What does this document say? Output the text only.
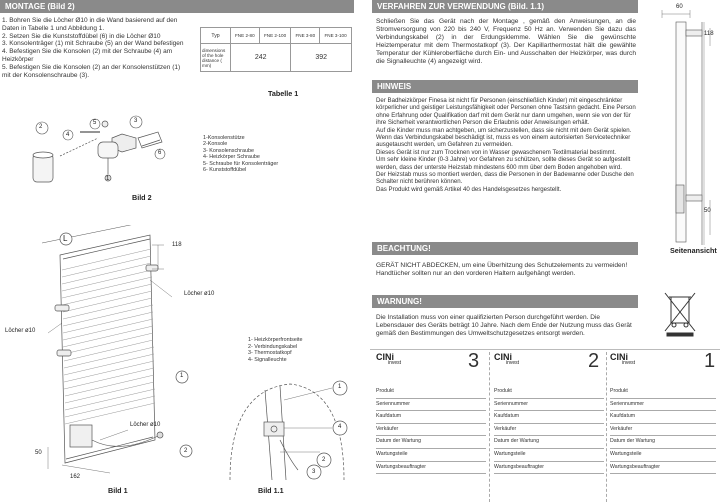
MONTAGE (Bild 2)
1. Bohren Sie die Löcher Ø10 in die Wand basierend auf den Daten in Tabelle 1 und Abbildung 1.
2. Setzen Sie die Kunststoffdübel (6) in die Löcher Ø10
3. Konsolenträger (1) mit Schraube (5) an der Wand befestigen
4. Befestigen Sie die Konsolen (2) mit der Schraube (4) am Heizkörper
5. Befestigen Sie die Konsolen (2) an der Konsolenstützen (1) mit der Konsolenschraube (3).
Typ	FNE 2-80	FNE 2-100	FNE 3-80	FNE 3-100
dimensions of the hole distance ( mm)	242		392	
Tabelle 1
2
4
5	3
1
6
Bild 2
1-Konsolenstütze
2-Konsole
3- Konsolenschraube
4- Heizkörper Schraube
5- Schraube für Konsolenträger
6- Kunststoffdübel
L
118
Löcher ø10
Löcher ø10
Löcher ø10
50
162
1
2
Bild 1
1- Heizkörperfrontseite
2- Verbindungskabel
3- Thermostatkopf
4- Signalleuchte
1
2
3
4
Bild 1.1
VERFAHREN ZUR VERWENDUNG (Bild. 1.1)
Schließen Sie das Gerät nach der Montage , gemäß den Anweisungen, an die Stromversorgung von 220 bis 240 V, Frequenz 50 Hz an. Verwenden Sie dazu das Verbindungskabel (2) in der Erdungsklemme. Wählen Sie die gewünschte Heiztemperatur mit dem Thermostatkopf (3). Der Kapillarthermostat hält die gewählte Temperatur der Kühleroberfläche durch Ein- und Ausschalten der Heizkörper, was durch die Signalleuchte (4) angezeigt wird.
HINWEIS
Der Badheizkörper Finesa ist nicht für Personen (einschließlich Kinder) mit eingeschränkter körperlicher und geistiger Leistungsfähigkeit oder Personen ohne Tastsinn gedacht. Eine Person ohne Erfahrung oder Qualifikation darf mit dem Gerät nur dann umgehen, wenn sie von der für ihre Sicherheit verantwortlichen Person die Erlaubnis oder Anweisungen erhält.
Auf die Kinder muss man achtgeben, um sicherzustellen, dass sie nicht mit dem Gerät spielen.
Wenn das Verbindungskabel beschädigt ist, muss es von einem autorisierten Servicetechniker ausgetauscht werden, um Gefahren zu vermeiden.
Dieses Gerät ist nur zum Trocknen von in Wasser gewaschenem Textilmaterial bestimmt.
Um sehr kleine Kinder (0-3 Jahre) vor Gefahren zu schützen, sollte dieses Gerät so aufgestellt werden, dass der unterste Heizstab mindestens 600 mm über dem Boden angehoben wird.
Der Heizstab muss so montiert werden, dass die Personen in der Badewanne oder Dusche den Schalter nicht berühren können.
Das Produkt wird gemäß Artikel 40 des Handelsgesetzes hergestellt.
BEACHTUNG!
GERÄT NICHT ABDECKEN, um eine Überhitzung des Schutzelements zu vermeiden!
Handtücher sollten nur an den vorderen Haltern aufgehängt werden.
WARNUNG!
Die Installation muss von einer qualifizierten Person durchgeführt werden. Die Lebensdauer des Geräts beträgt 10 Jahre. Nach dem Ende der Nutzung muss das Gerät gemäß den Bestimmungen des Umweltschutzgesetzes entsorgt werden.
60
118
50
Seitenansicht
CINi
invest	3
Produkt
Seriennummer
Kaufdatum
Verkäufer
Datum der Wartung
Wartungsteile
Wartungsbeauftragter
CINi
invest	2
Produkt
Seriennummer
Kaufdatum
Verkäufer
Datum der Wartung
Wartungsteile
Wartungsbeauftragter
CINi
invest	1
Produkt
Seriennummer
Kaufdatum
Verkäufer
Datum der Wartung
Wartungsteile
Wartungsbeauftragter
